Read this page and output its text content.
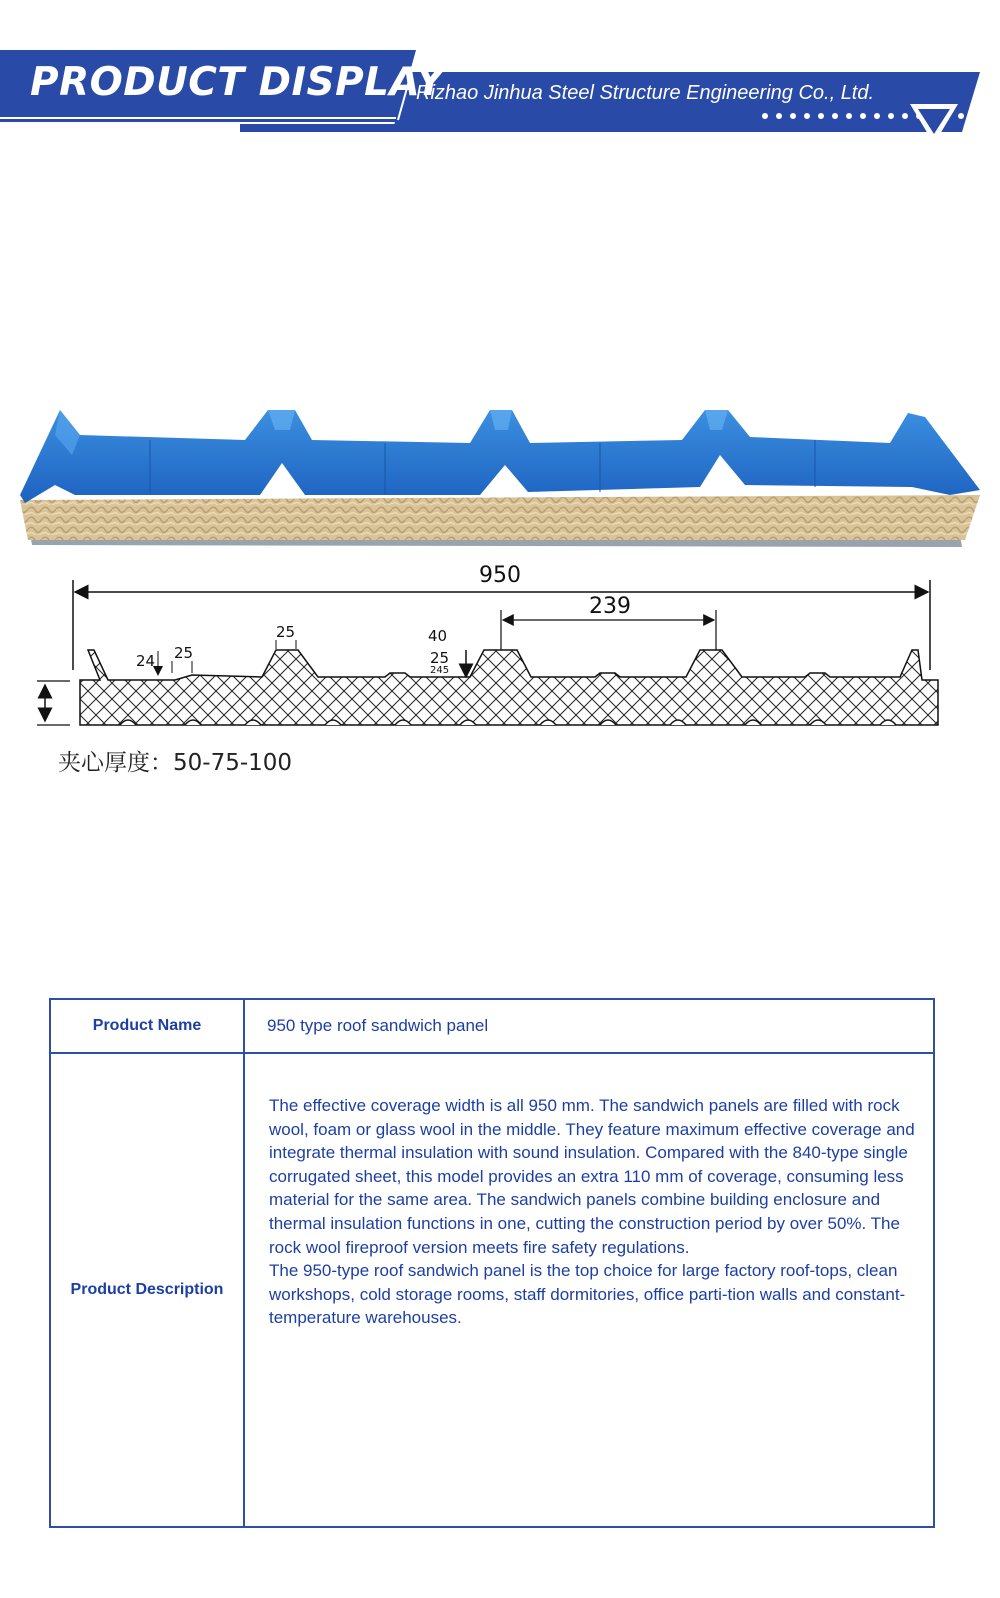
PRODUCT DISPLAY
Rizhao Jinhua Steel Structure Engineering Co., Ltd.
950
239
24 25
25	40
25
245
夹心厚度：50-75-100
Product Name	950 type roof sandwich panel
Product Description	The effective coverage width is all 950 mm. The sandwich panels are filled with rock wool, foam or glass wool in the middle. They feature maximum effective coverage and integrate thermal insulation with sound insulation. Compared with the 840-type single corrugated sheet, this model provides an extra 110 mm of coverage, consuming less material for the same area. The sandwich panels combine building enclosure and thermal insulation functions in one, cutting the construction period by over 50%. The rock wool fireproof version meets fire safety regulations.

The 950-type roof sandwich panel is the top choice for large factory roof-tops, clean workshops, cold storage rooms, staff dormitories, office parti-tion walls and constant-temperature warehouses.
